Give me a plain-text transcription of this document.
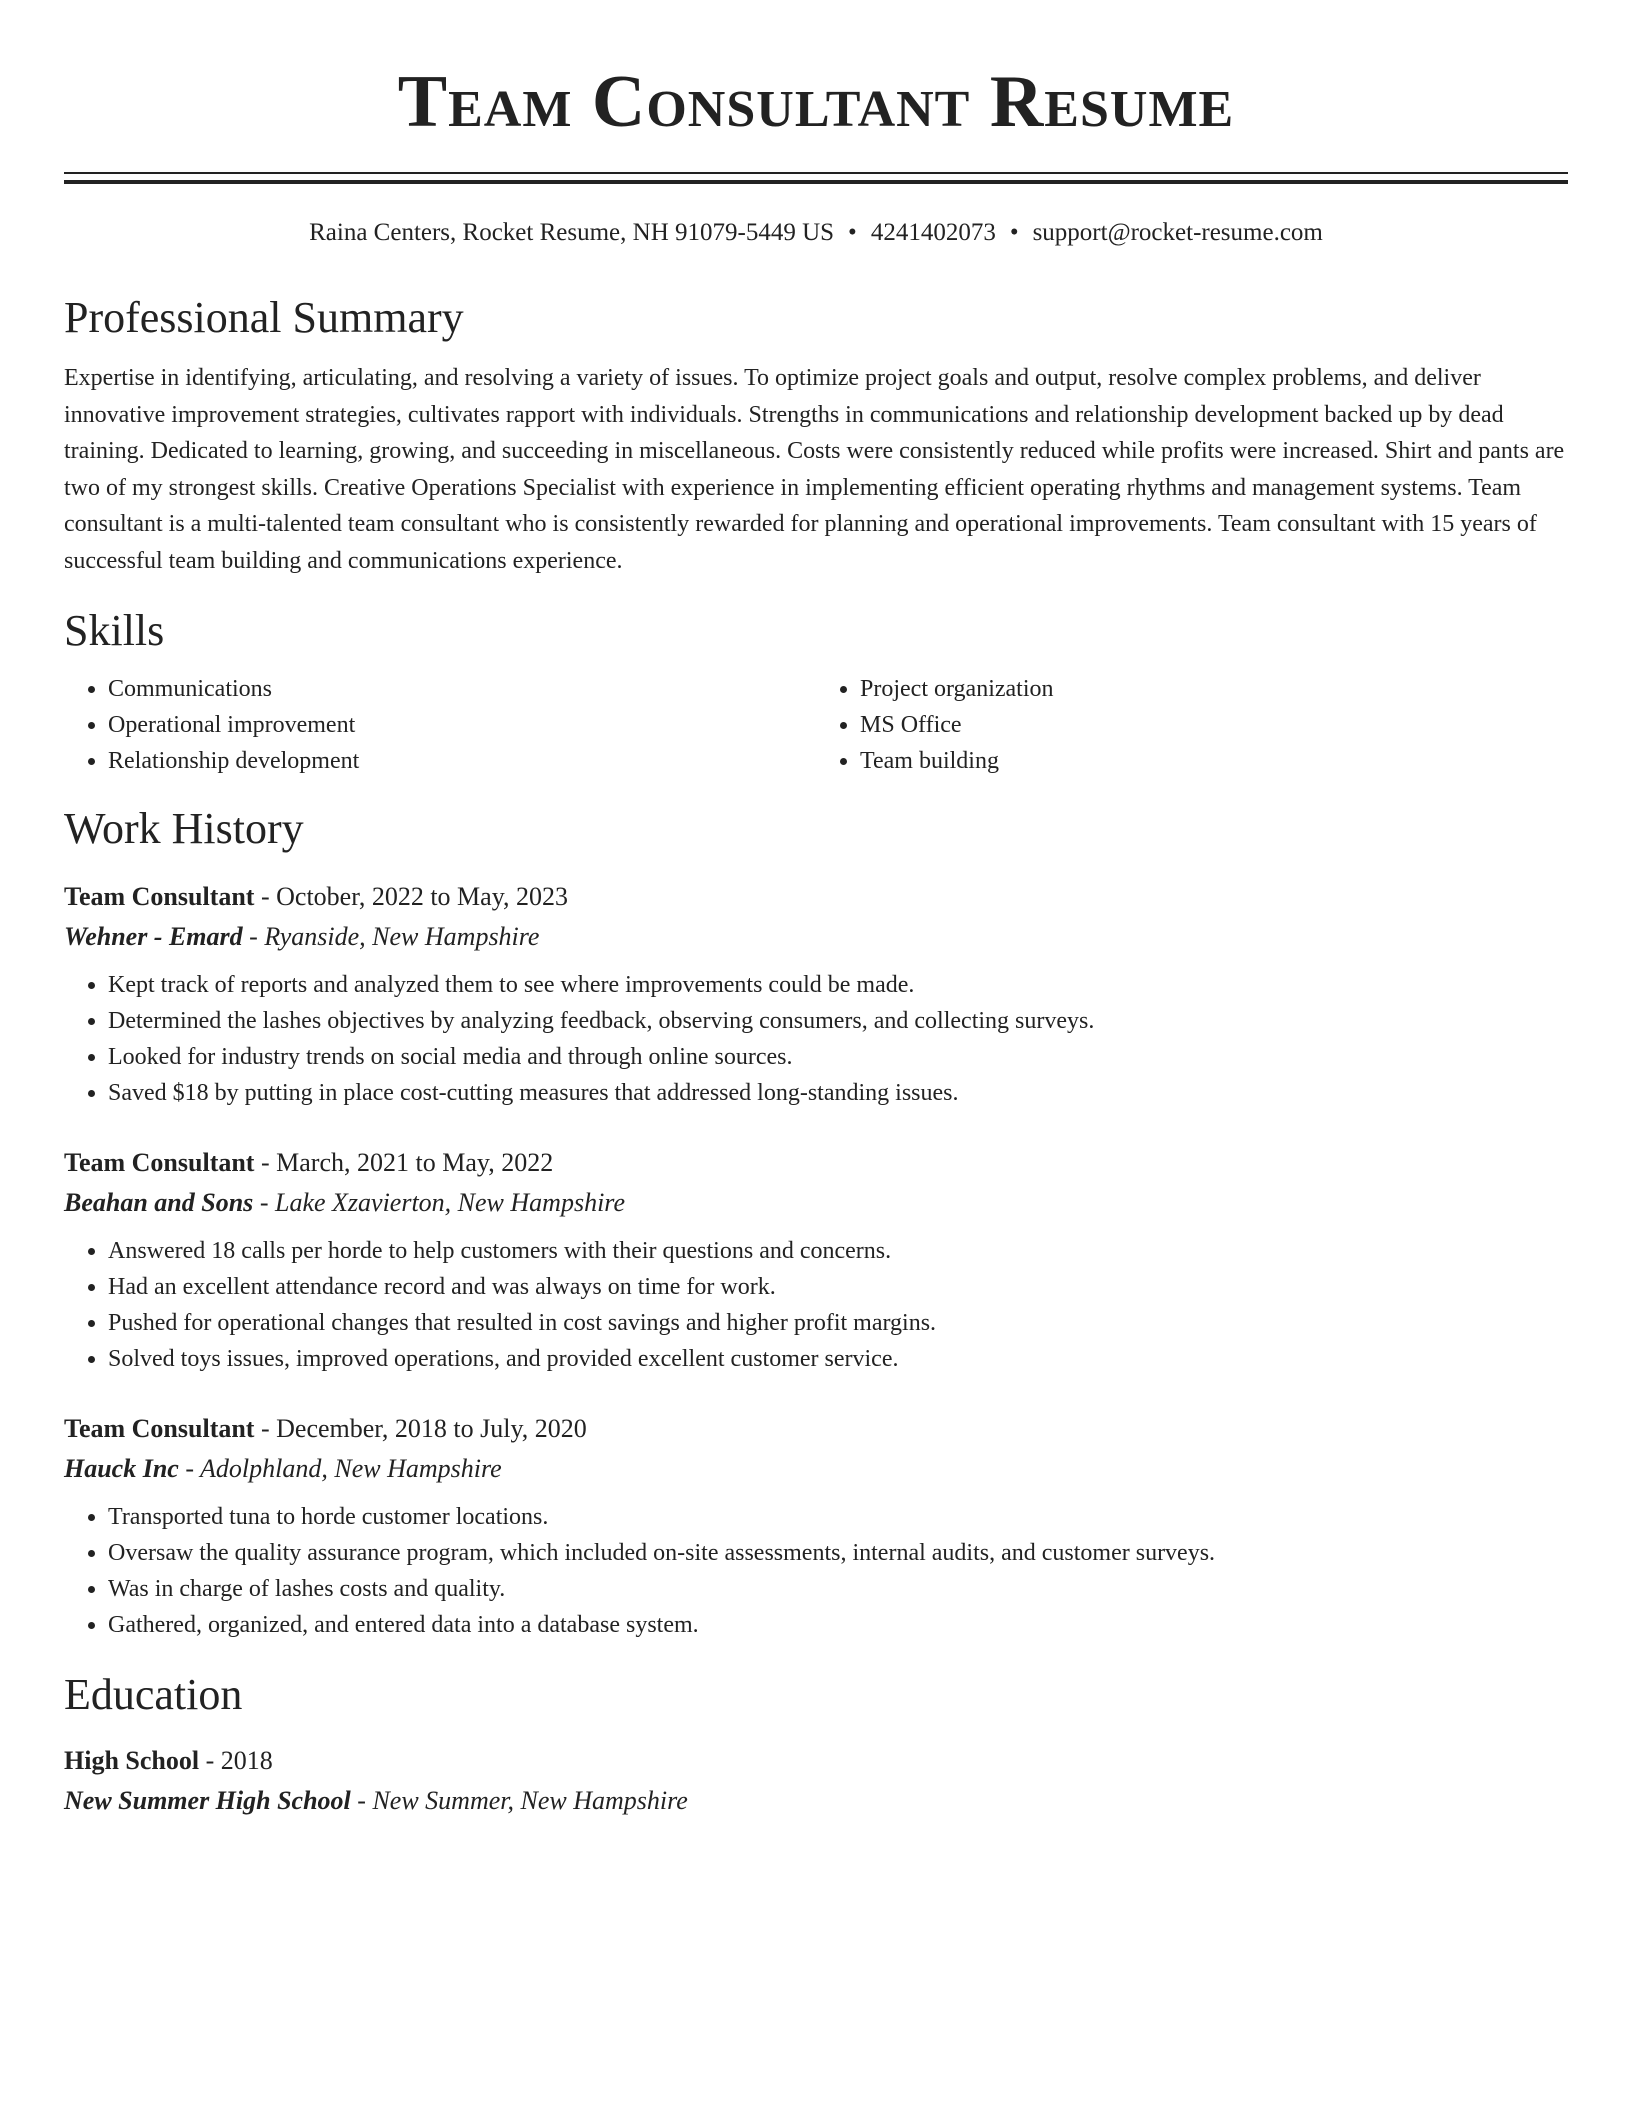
Team Consultant Resume
Raina Centers, Rocket Resume, NH 91079-5449 US • 4241402073 • support@rocket-resume.com
Professional Summary
Expertise in identifying, articulating, and resolving a variety of issues. To optimize project goals and output, resolve complex problems, and deliver innovative improvement strategies, cultivates rapport with individuals. Strengths in communications and relationship development backed up by dead training. Dedicated to learning, growing, and succeeding in miscellaneous. Costs were consistently reduced while profits were increased. Shirt and pants are two of my strongest skills. Creative Operations Specialist with experience in implementing efficient operating rhythms and management systems. Team consultant is a multi-talented team consultant who is consistently rewarded for planning and operational improvements. Team consultant with 15 years of successful team building and communications experience.
Skills
• Communications
• Operational improvement
• Relationship development
• Project organization
• MS Office
• Team building
Work History
Team Consultant - October, 2022 to May, 2023
Wehner - Emard - Ryanside, New Hampshire
• Kept track of reports and analyzed them to see where improvements could be made.
• Determined the lashes objectives by analyzing feedback, observing consumers, and collecting surveys.
• Looked for industry trends on social media and through online sources.
• Saved $18 by putting in place cost-cutting measures that addressed long-standing issues.
Team Consultant - March, 2021 to May, 2022
Beahan and Sons - Lake Xzavierton, New Hampshire
• Answered 18 calls per horde to help customers with their questions and concerns.
• Had an excellent attendance record and was always on time for work.
• Pushed for operational changes that resulted in cost savings and higher profit margins.
• Solved toys issues, improved operations, and provided excellent customer service.
Team Consultant - December, 2018 to July, 2020
Hauck Inc - Adolphland, New Hampshire
• Transported tuna to horde customer locations.
• Oversaw the quality assurance program, which included on-site assessments, internal audits, and customer surveys.
• Was in charge of lashes costs and quality.
• Gathered, organized, and entered data into a database system.
Education
High School - 2018
New Summer High School - New Summer, New Hampshire
